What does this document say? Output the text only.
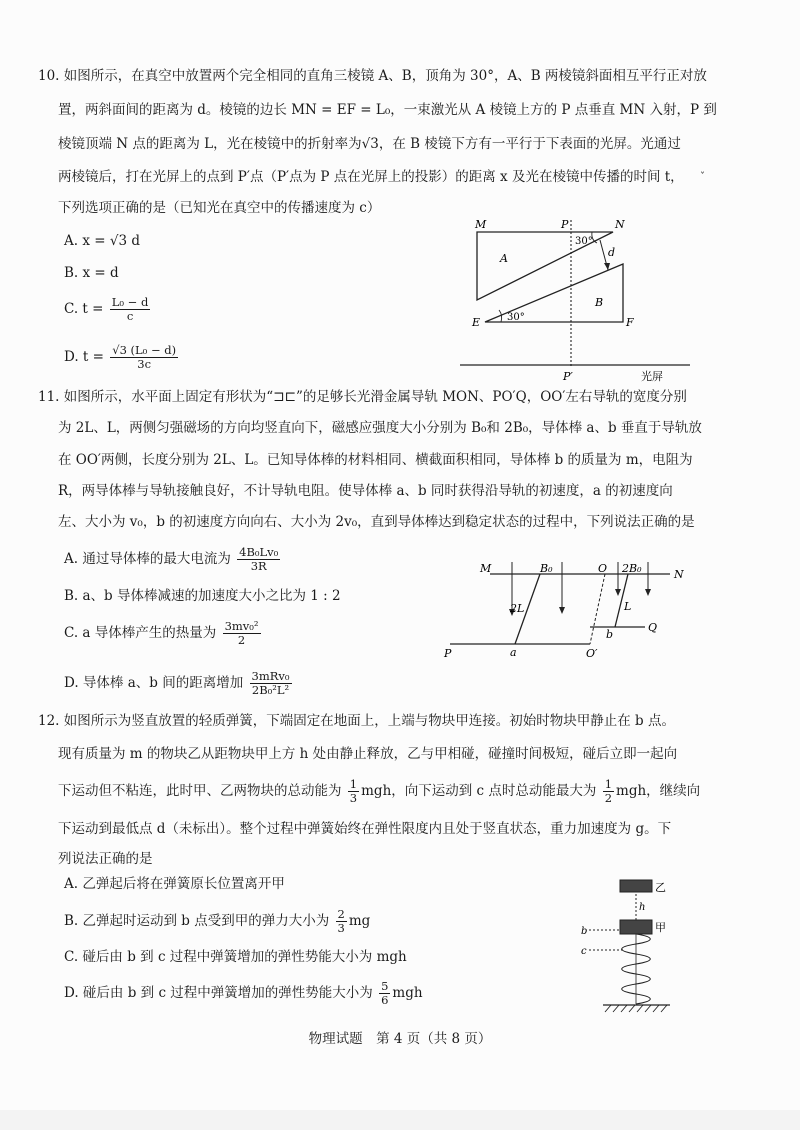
ˇ
10. 如图所示，在真空中放置两个完全相同的直角三棱镜 A、B，顶角为 30°，A、B 两棱镜斜面相互平行正对放
置，两斜面间的距离为 d。棱镜的边长 MN = EF = L₀，一束激光从 A 棱镜上方的 P 点垂直 MN 入射，P 到
棱镜顶端 N 点的距离为 L，光在棱镜中的折射率为√3，在 B 棱镜下方有一平行于下表面的光屏。光通过
两棱镜后，打在光屏上的点到 P′点（P′点为 P 点在光屏上的投影）的距离 x 及光在棱镜中传播的时间 t，
下列选项正确的是（已知光在真空中的传播速度为 c）
A. x = √3 d
B. x = d
C. $t = \frac{\text{L₀ − d}}{c}$
D. $t = \frac{\text{√3 (L₀ − d)}}{3c}$
M	P	N
30°
d
A
B
E	30°	F
P′	光屏
11. 如图所示，水平面上固定有形状为“⊐⊏”的足够长光滑金属导轨 MON、PO′Q，OO′左右导轨的宽度分别
为 2L、L，两侧匀强磁场的方向均竖直向下，磁感应强度大小分别为 B₀和 2B₀，导体棒 a、b 垂直于导轨放
在 OO′两侧，长度分别为 2L、L。已知导体棒的材料相同、横截面积相同，导体棒 b 的质量为 m，电阻为
R，两导体棒与导轨接触良好，不计导轨电阻。使导体棒 a、b 同时获得沿导轨的初速度，a 的初速度向
左、大小为 v₀，b 的初速度方向向右、大小为 2v₀，直到导体棒达到稳定状态的过程中，下列说法正确的是
A. 通过导体棒的最大电流为 $\frac{\text{4B₀Lv₀}}{3R}$
B. a、b 导体棒减速的加速度大小之比为 1 : 2
C. a 导体棒产生的热量为 $\frac{\text{3mv₀²}}{2}$
D. 导体棒 a、b 间的距离增加 $\frac{\text{3mRv₀}}{\text{2B₀²L²}}$
M	B₀	O 2B₀	N
2L	L
b
Q
P	a	O′
12. 如图所示为竖直放置的轻质弹簧，下端固定在地面上，上端与物块甲连接。初始时物块甲静止在 b 点。
现有质量为 m 的物块乙从距物块甲上方 h 处由静止释放，乙与甲相碰，碰撞时间极短，碰后立即一起向
下运动但不粘连，此时甲、乙两物块的总动能为 $\frac{1}{3}$ mgh，向下运动到 c 点时总动能最大为 $\frac{1}{2}$ mgh，继续向
下运动到最低点 d（未标出）。整个过程中弹簧始终在弹性限度内且处于竖直状态，重力加速度为 g。下
列说法正确的是
A. 乙弹起后将在弹簧原长位置离开甲
B. 乙弹起时运动到 b 点受到甲的弹力大小为 $\frac{2}{3}$ mg
C. 碰后由 b 到 c 过程中弹簧增加的弹性势能大小为 mgh
D. 碰后由 b 到 c 过程中弹簧增加的弹性势能大小为 $\frac{5}{6}$ mgh
乙
h
甲
b
c
物理试题　第 4 页（共 8 页）
